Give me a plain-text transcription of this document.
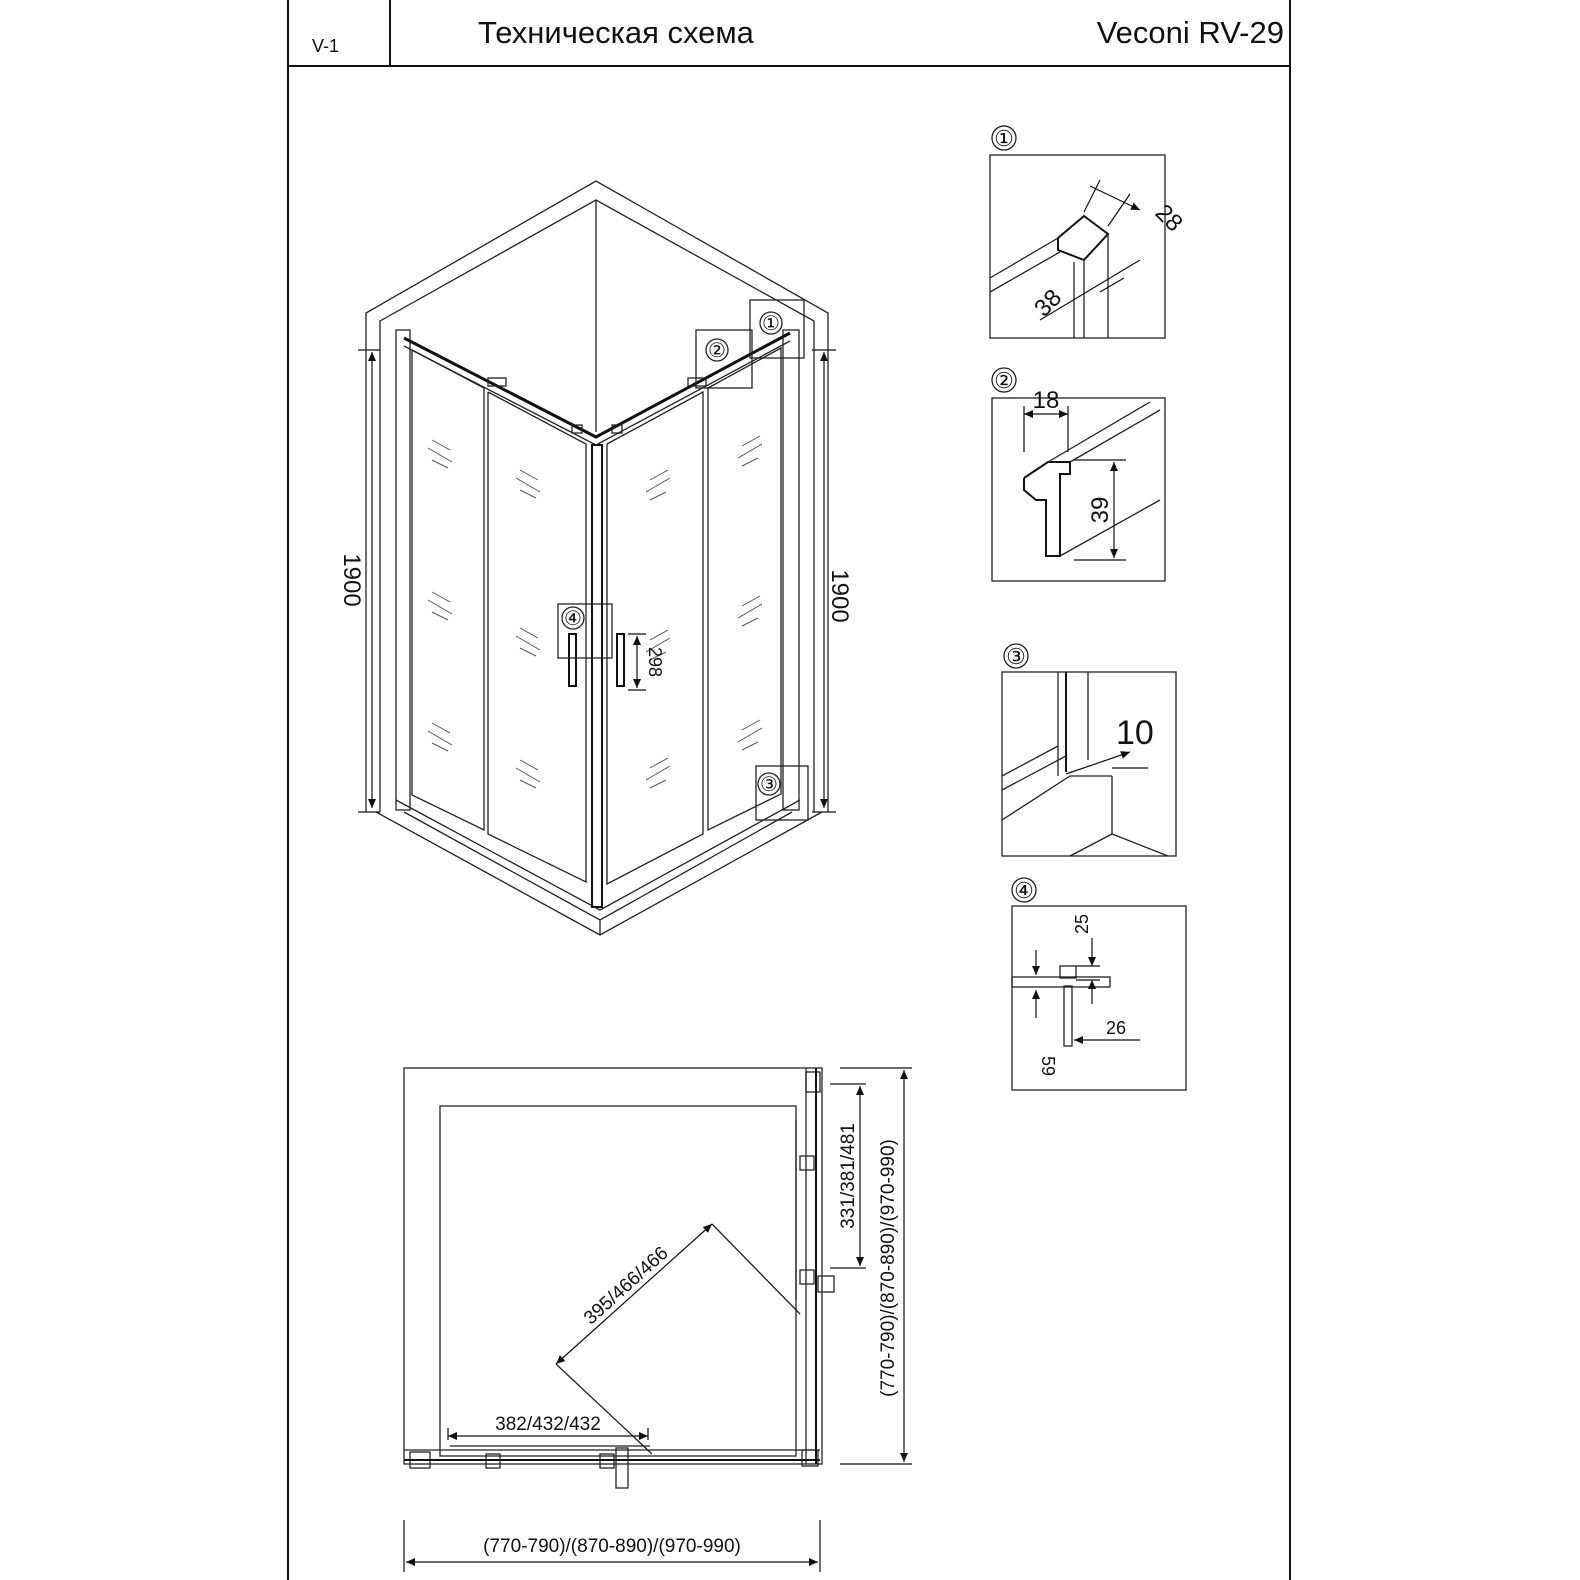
V-1	Техническая схема	Veconi RV-29
1900	1900
298
①
②
③
④
①
28
38
②
18
39
③
10
④
25
26
59
(770-790)/(870-890)/(970-990)
(770-790)/(870-890)/(970-990)
331/381/481
395/466/466
382/432/432
